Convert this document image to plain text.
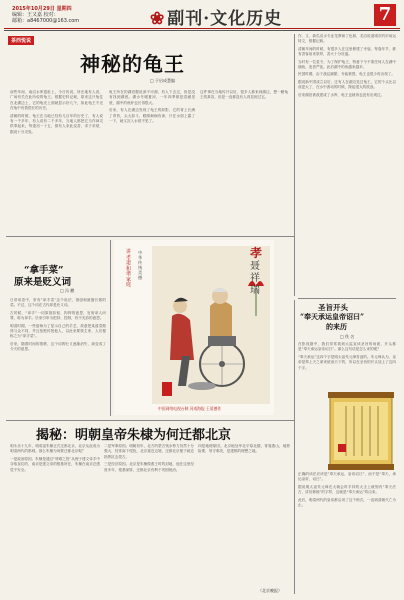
2015年10月29日 星期四
编辑：王又嘉 校对：
邮箱：a8467000@163.com	❀ 副刊·文化历史	7
茶西悦说
神秘的龟王
□ 于启成慧编

前些年间，南沼水库遗址上，今日传说，所在地有人说，广场有关在此所说的龟王。根据史料记载，原来这只龟住在北湖边上，它的龟壳上面就显示好几个，如此龟王不光在龟中有着很长的历史。

清朝的时候，龟王在当地已经有几百年的历史了，有人说有一千多年，有人说有二千多年，当地人都把它当作神灵供奉起来。每逢初一十五，都有人来此烧香，求子求财，据说十分灵验。

龟王所在的湖泊据说深不可测，有人下去过，但是没有找到湖底。湖水冬暖夏凉，一年四季都是清澈见底，湖中的鱼虾也长得很大。

后来，有人在湖边发现了龟王的踪影，它的背上长满了青苔，头大如斗，眼睛炯炯有神，只在水面上露了一下，就又沉入水底不见了。

这件事在当地传开以后，很多人都来到湖边，想一睹龟王的真容，但是一直都没有人再见到过它。

作、又、新瓜沼水专业龙教师了色林，龙沼说道城市的市场运转文，根据记载。

清朝年间的时候，有很多人在这里修建了寺庙，每逢年节，都有香客前来祭拜，香火十分旺盛。

当时有一位县令，为了保护龟王，特意下令不准任何人在湖中捕鱼，违者严惩。此后湖中的鱼越来越多。

民国时期，由于战乱频繁，寺庙被毁，龟王也很少再出现了。

据说新中国成立以后，还有人在湖边见过龟王，它的个头比以前更大了，在水中游动的时候，掀起很大的波浪。

后来湖泊被改建成了水库，龟王也就再也没有出现过。

“拿手菜”
原来是贬义词
□ 冯 鹏

日常用语中，常有“拿手菜”这个说法，指厨师最擅长做的菜。不过，这个词在古代却是贬义词。

古时候，“拿手”一词原指扣留、拘押的意思，官府拿人问罪，称为拿手。后来引申为把持、控制，有不光彩的意思。

明清时期，一些厨师为了显示自己的手艺，故意把某道菜做得与众不同，并且拒绝传授他人，以此来要挟主家，人们便称之为“拿手菜”。

后来，随着时间的推移，这个词的贬义逐渐消失，演变成了今天的意思。

讲孝道和谐家庭
中华传统美德
中国网络电视台制 河南海报 王爱德作
孝
聂祥瑞
圣旨开头
“奉天承运皇帝诏曰”
的来历
□ 佚 名

在影视剧中，我们常常看到太监宣读圣旨的场面，开头都是“奉天承运皇帝诏曰”。那么这句话是怎么来的呢？

“奉天承运”这四个字是明太祖朱元璋首创的。朱元璋认为，皇帝是奉上天之命来统治天下的，所以在圣旨的开头加上了这四个字。

正确的读法应该是“奉天承运，皇帝诏曰”，而不是“奉天，承运皇帝，诏曰”。

据说明太祖朱元璋在大朝会时手持的大圭上就刻有“奉天法古，讲信修睦”的字样，这就是“奉天承运”的由来。

此后，明清两代的皇帝都沿用了这个格式，一直到清朝灭亡为止。

揭秘：明朝皇帝朱棣为何迁都北京

明永乐十九年，明成祖朱棣正式迁都北京，北京从此成为明清两代的都城。那么朱棣为何要迁都北京呢？

一是政治原因。朱棣是通过“靖难之役”从侄子建文帝手中夺取皇位的，南京是建文帝的根基所在，朱棣在南京总感觉不安全。

二是军事原因。明朝初年，北方的蒙古残余势力仍然十分强大，经常南下侵扰，北京靠近边境，迁都北京便于就近指挥抗击蒙古。

三是经济原因。北京是朱棣做燕王时的封地，他在这里经营多年，根基深厚，迁都北京有利于巩固统治。

四是地理原因。北京地处华北平原北端，背靠燕山，地势险要，易守难攻，是建都的理想之地。

（北京晚报）
